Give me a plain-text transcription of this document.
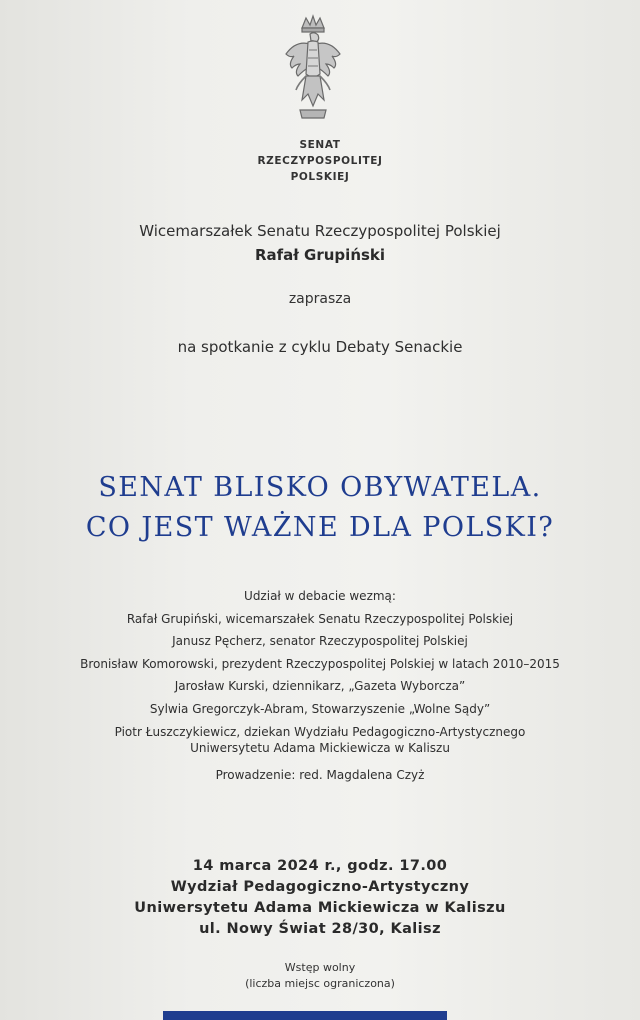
SENAT
RZECZYPOSPOLITEJ
POLSKIEJ
Wicemarszałek Senatu Rzeczypospolitej Polskiej
Rafał Grupiński
zaprasza
na spotkanie z cyklu Debaty Senackie
SENAT BLISKO OBYWATELA.
CO JEST WAŻNE DLA POLSKI?
Udział w debacie wezmą:
Rafał Grupiński, wicemarszałek Senatu Rzeczypospolitej Polskiej
Janusz Pęcherz, senator Rzeczypospolitej Polskiej
Bronisław Komorowski, prezydent Rzeczypospolitej Polskiej w latach 2010–2015
Jarosław Kurski, dziennikarz, „Gazeta Wyborcza”
Sylwia Gregorczyk-Abram, Stowarzyszenie „Wolne Sądy”
Piotr Łuszczykiewicz, dziekan Wydziału Pedagogiczno-Artystycznego
Uniwersytetu Adama Mickiewicza w Kaliszu
Prowadzenie: red. Magdalena Czyż
14 marca 2024 r., godz. 17.00
Wydział Pedagogiczno-Artystyczny
Uniwersytetu Adama Mickiewicza w Kaliszu
ul. Nowy Świat 28/30, Kalisz
Wstęp wolny
(liczba miejsc ograniczona)
